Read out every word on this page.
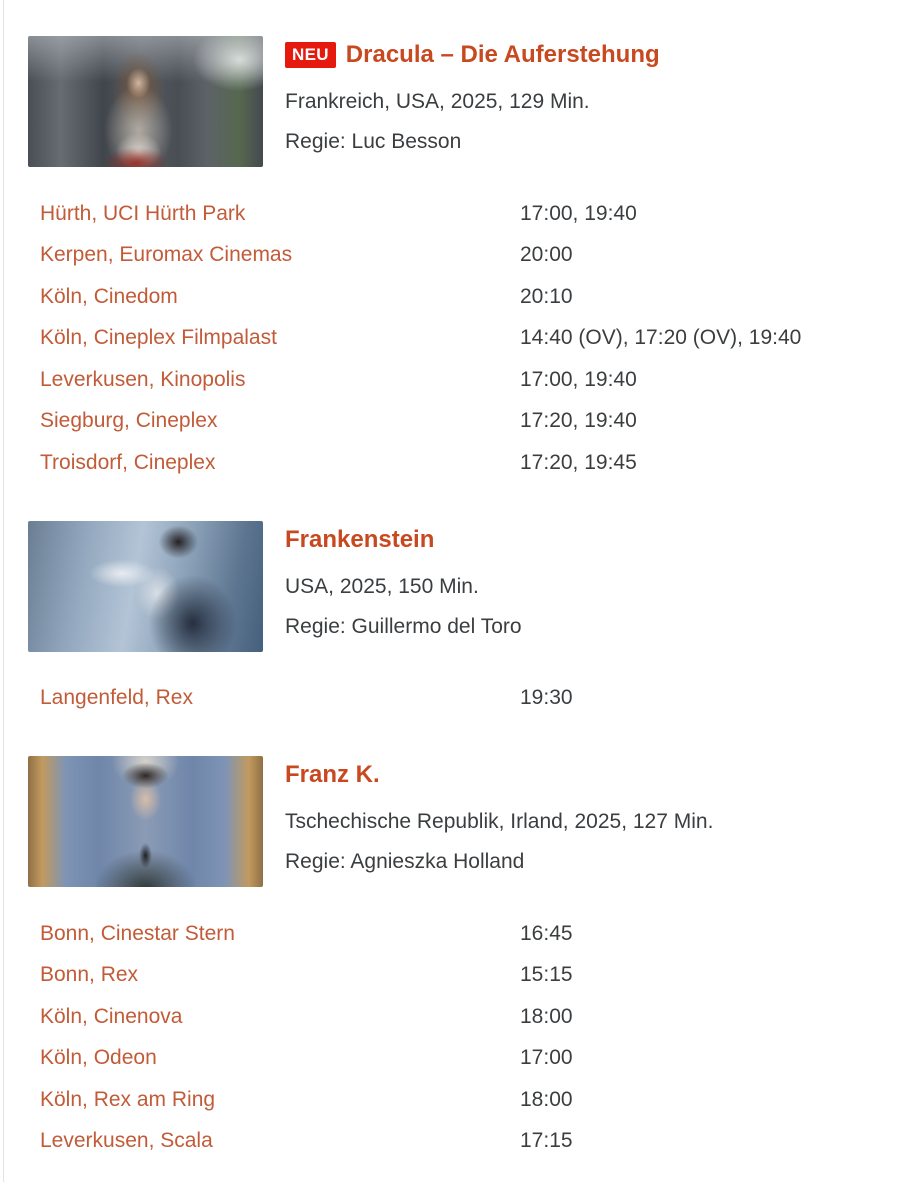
NEU Dracula – Die Auferstehung
Frankreich, USA, 2025, 129 Min.
Regie: Luc Besson
Hürth, UCI Hürth Park	17:00, 19:40
Kerpen, Euromax Cinemas	20:00
Köln, Cinedom	20:10
Köln, Cineplex Filmpalast	14:40 (OV), 17:20 (OV), 19:40
Leverkusen, Kinopolis	17:00, 19:40
Siegburg, Cineplex	17:20, 19:40
Troisdorf, Cineplex	17:20, 19:45
Frankenstein
USA, 2025, 150 Min.
Regie: Guillermo del Toro
Langenfeld, Rex	19:30
Franz K.
Tschechische Republik, Irland, 2025, 127 Min.
Regie: Agnieszka Holland
Bonn, Cinestar Stern	16:45
Bonn, Rex	15:15
Köln, Cinenova	18:00
Köln, Odeon	17:00
Köln, Rex am Ring	18:00
Leverkusen, Scala	17:15
